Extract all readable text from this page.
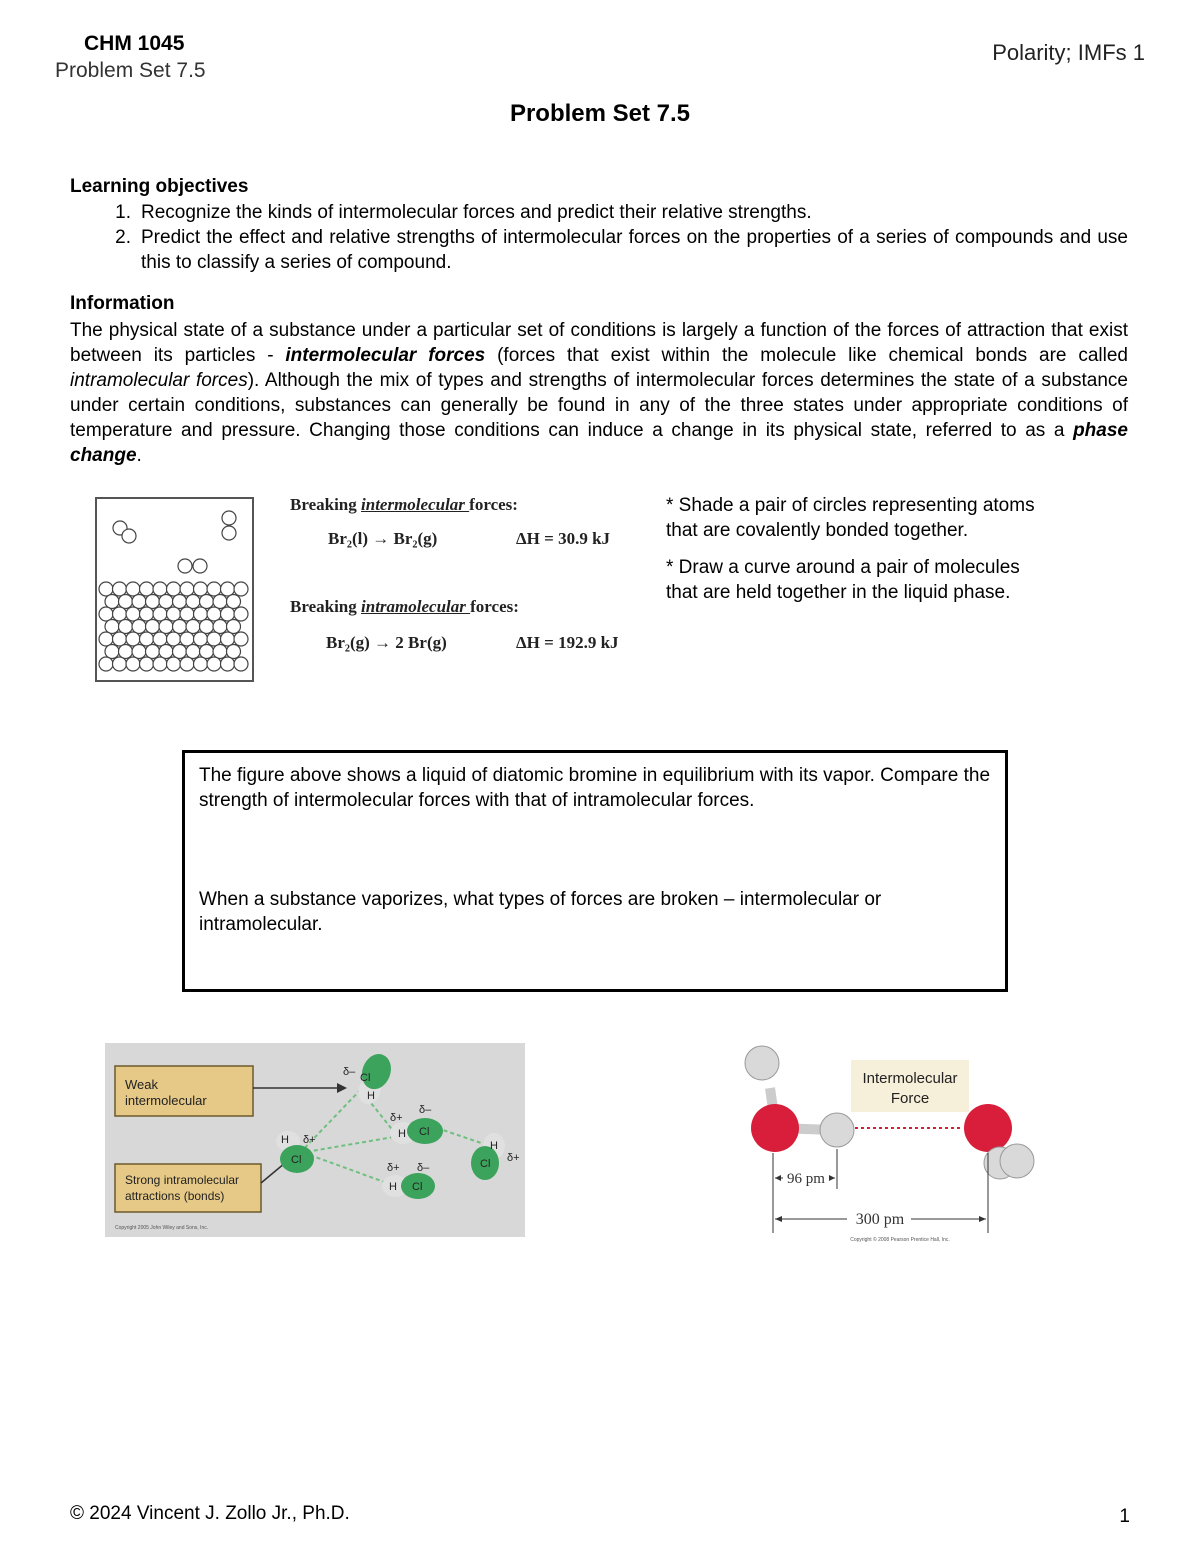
CHM 1045
Problem Set 7.5
Polarity; IMFs 1
Problem Set 7.5
Learning objectives
1. Recognize the kinds of intermolecular forces and predict their relative strengths.
2. Predict the effect and relative strengths of intermolecular forces on the properties of a series of compounds and use this to classify a series of compound.
Information
The physical state of a substance under a particular set of conditions is largely a function of the forces of attraction that exist between its particles - intermolecular forces (forces that exist within the molecule like chemical bonds are called intramolecular forces). Although the mix of types and strengths of intermolecular forces determines the state of a substance under certain conditions, substances can generally be found in any of the three states under appropriate conditions of temperature and pressure. Changing those conditions can induce a change in its physical state, referred to as a phase change.
Breaking intermolecular forces:
Br₂(l) → Br₂(g)	ΔH = 30.9 kJ
Breaking intramolecular forces:
Br₂(g) → 2 Br(g)	ΔH = 192.9 kJ

* Shade a pair of circles representing atoms that are covalently bonded together.

* Draw a curve around a pair of molecules that are held together in the liquid phase.

The figure above shows a liquid of diatomic bromine in equilibrium with its vapor. Compare the strength of intermolecular forces with that of intramolecular forces.

When a substance vaporizes, what types of forces are broken – intermolecular or intramolecular.

Weak
intermolecular
Strong intramolecular
attractions (bonds)
H Cl
δ+
δ–
H Cl
δ+ δ–
H
Cl
δ+
Cl
H
δ–
H
Cl δ+
Copyright 2005 John Wiley and Sons, Inc.
Intermolecular
Force
96 pm
300 pm
Copyright © 2008 Pearson Prentice Hall, Inc.
© 2024 Vincent J. Zollo Jr., Ph.D.	1
